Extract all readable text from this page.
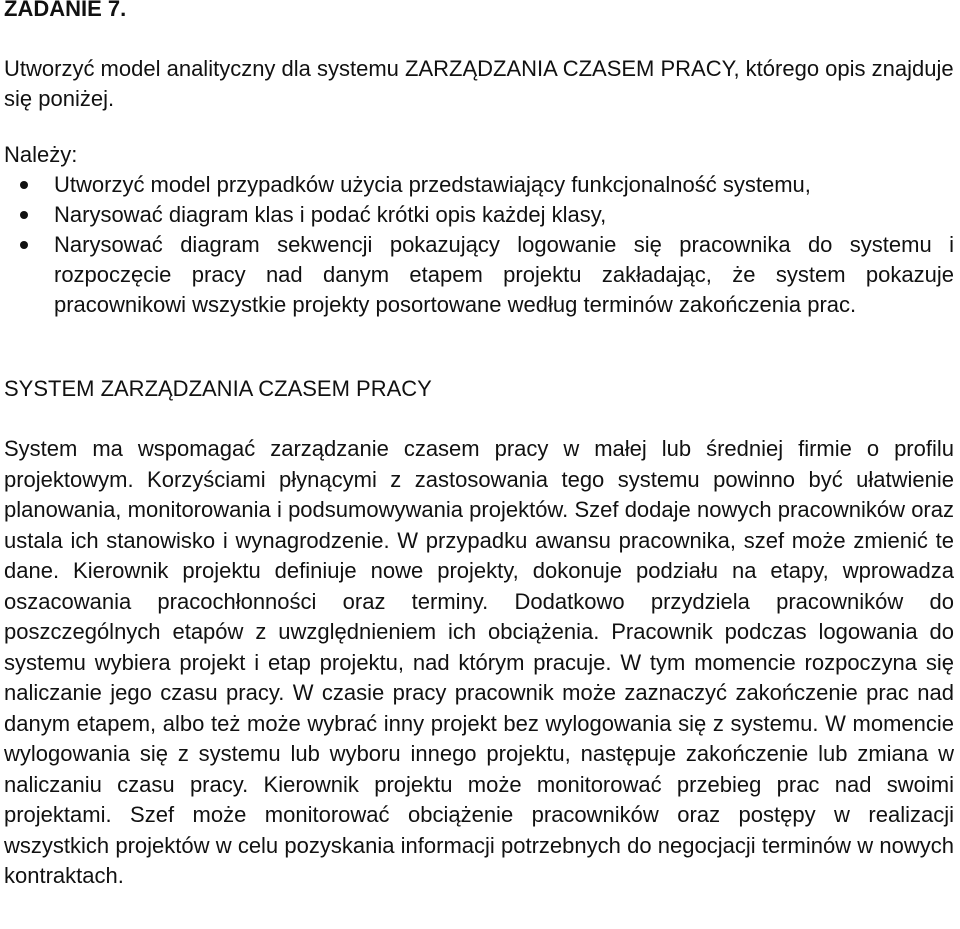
ZADANIE 7.

Utworzyć model analityczny dla systemu ZARZĄDZANIA CZASEM PRACY, którego opis znajduje się poniżej.

Należy:

Utworzyć model przypadków użycia przedstawiający funkcjonalność systemu,
Narysować diagram klas i podać krótki opis każdej klasy,
Narysować diagram sekwencji pokazujący logowanie się pracownika do systemu i rozpoczęcie pracy nad danym etapem projektu zakładając, że system pokazuje pracownikowi wszystkie projekty posortowane według terminów zakończenia prac.

SYSTEM ZARZĄDZANIA CZASEM PRACY

System ma wspomagać zarządzanie czasem pracy w małej lub średniej firmie o profilu projektowym. Korzyściami płynącymi z zastosowania tego systemu powinno być ułatwienie planowania, monitorowania i podsumowywania projektów. Szef dodaje nowych pracowników oraz ustala ich stanowisko i wynagrodzenie. W przypadku awansu pracownika, szef może zmienić te dane. Kierownik projektu definiuje nowe projekty, dokonuje podziału na etapy, wprowadza oszacowania pracochłonności oraz terminy. Dodatkowo przydziela pracowników do poszczególnych etapów z uwzględnieniem ich obciążenia. Pracownik podczas logowania do systemu wybiera projekt i etap projektu, nad którym pracuje. W tym momencie rozpoczyna się naliczanie jego czasu pracy. W czasie pracy pracownik może zaznaczyć zakończenie prac nad danym etapem, albo też może wybrać inny projekt bez wylogowania się z systemu. W momencie wylogowania się z systemu lub wyboru innego projektu, następuje zakończenie lub zmiana w naliczaniu czasu pracy. Kierownik projektu może monitorować przebieg prac nad swoimi projektami. Szef może monitorować obciążenie pracowników oraz postępy w realizacji wszystkich projektów w celu pozyskania informacji potrzebnych do negocjacji terminów w nowych kontraktach.
